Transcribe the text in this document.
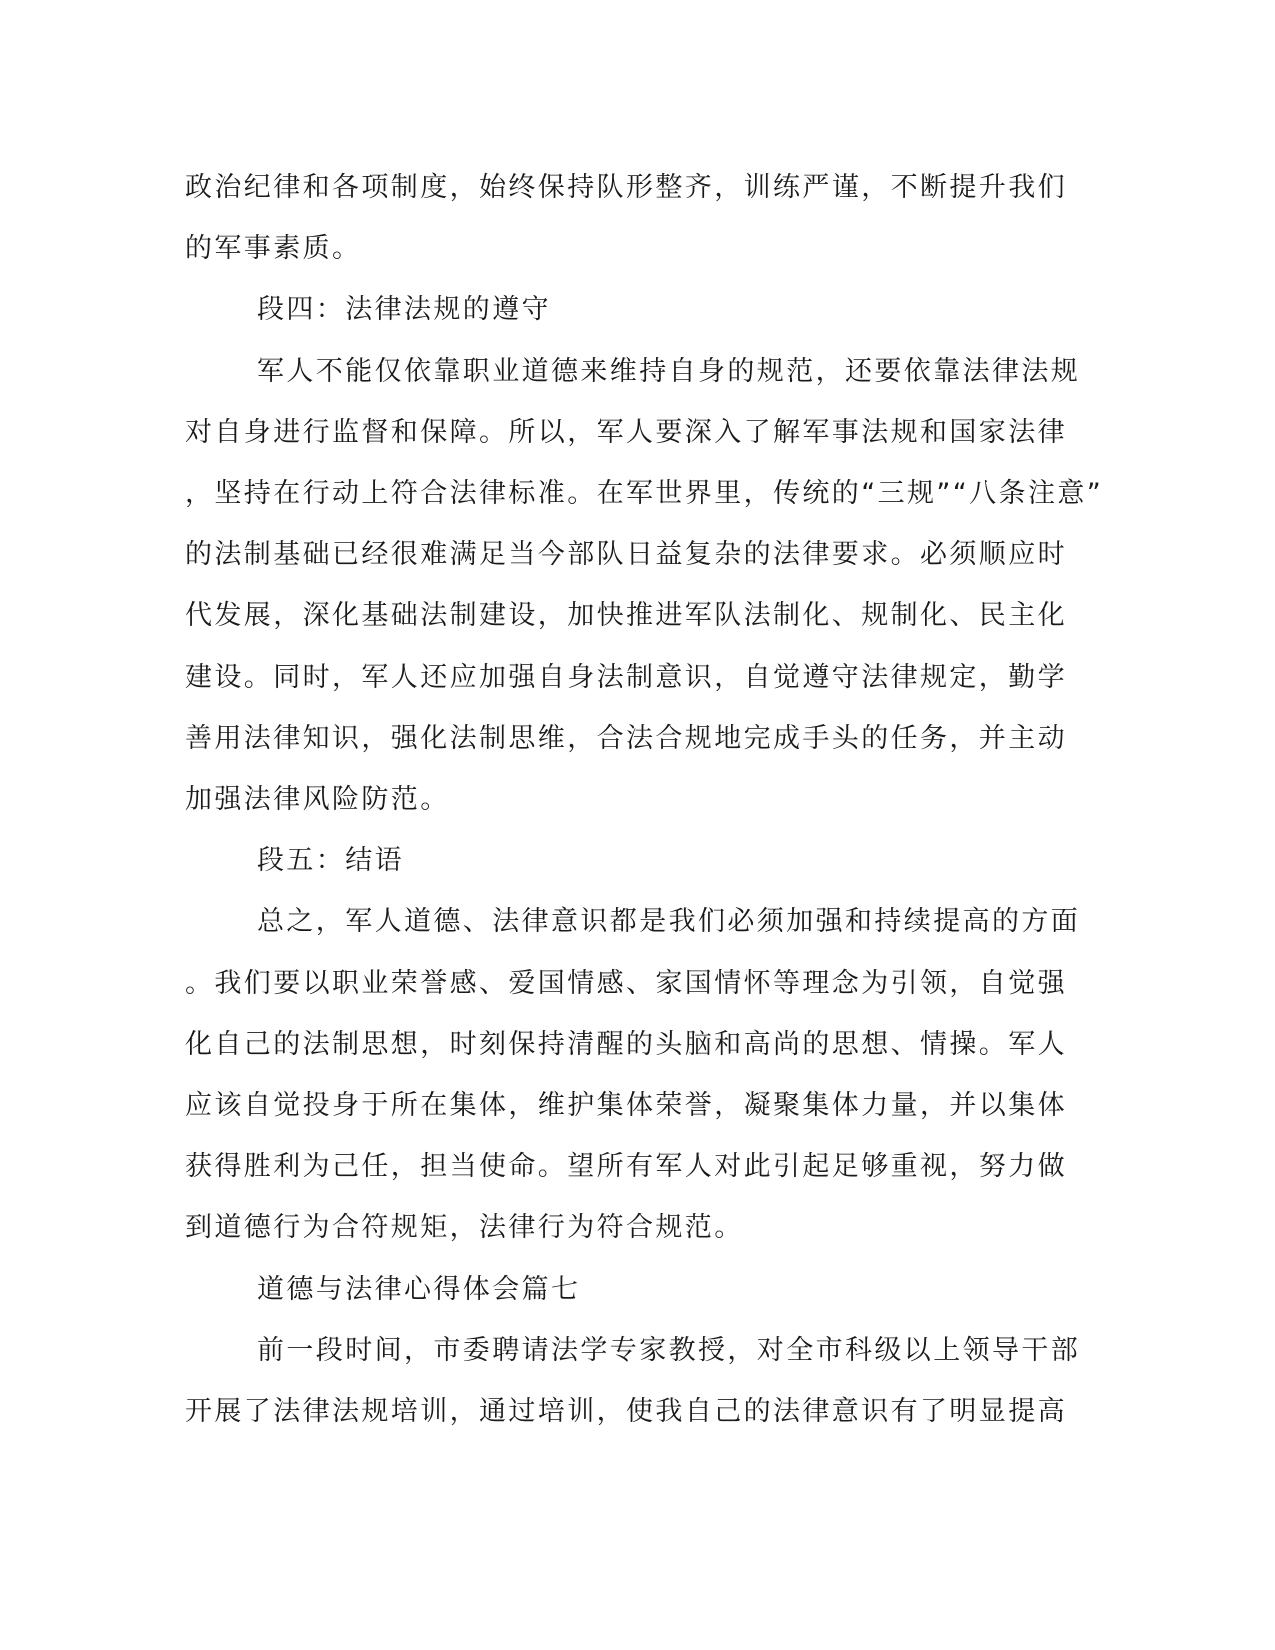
政治纪律和各项制度，始终保持队形整齐，训练严谨，不断提升我们
的军事素质。

段四：法律法规的遵守

军人不能仅依靠职业道德来维持自身的规范，还要依靠法律法规
对自身进行监督和保障。所以，军人要深入了解军事法规和国家法律
，坚持在行动上符合法律标准。在军世界里，传统的“三规”“八条注意”
的法制基础已经很难满足当今部队日益复杂的法律要求。必须顺应时
代发展，深化基础法制建设，加快推进军队法制化、规制化、民主化
建设。同时，军人还应加强自身法制意识，自觉遵守法律规定，勤学
善用法律知识，强化法制思维，合法合规地完成手头的任务，并主动
加强法律风险防范。

段五：结语

总之，军人道德、法律意识都是我们必须加强和持续提高的方面
。我们要以职业荣誉感、爱国情感、家国情怀等理念为引领，自觉强
化自己的法制思想，时刻保持清醒的头脑和高尚的思想、情操。军人
应该自觉投身于所在集体，维护集体荣誉，凝聚集体力量，并以集体
获得胜利为己任，担当使命。望所有军人对此引起足够重视，努力做
到道德行为合符规矩，法律行为符合规范。

道德与法律心得体会篇七

前一段时间，市委聘请法学专家教授，对全市科级以上领导干部
开展了法律法规培训，通过培训，使我自己的法律意识有了明显提高
